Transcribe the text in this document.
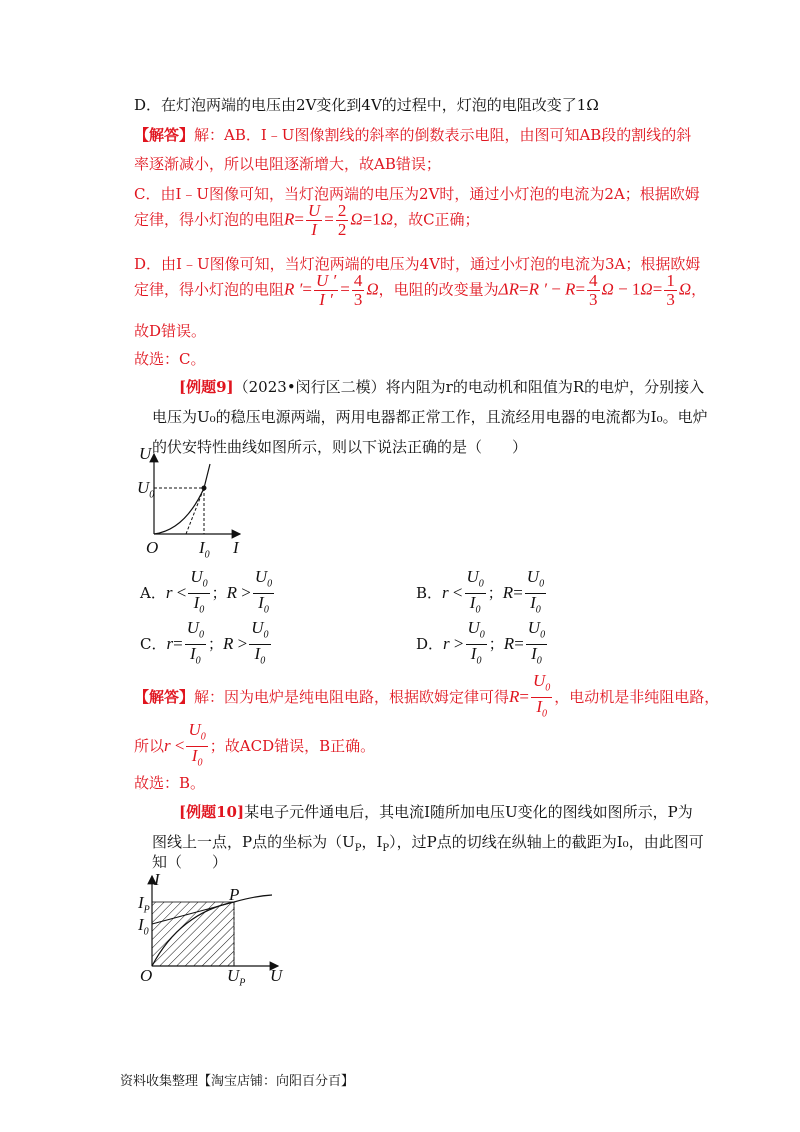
D．在灯泡两端的电压由2V变化到4V的过程中，灯泡的电阻改变了1Ω
【解答】解：AB．I﹣U图像割线的斜率的倒数表示电阻，由图可知AB段的割线的斜
率逐渐减小，所以电阻逐渐增大，故AB错误；
C．由I﹣U图像可知，当灯泡两端的电压为2V时，通过小灯泡的电流为2A；根据欧姆
定律，得小灯泡的电阻$R= \frac{U}{I} = \frac{2}{2} \Omega=1\Omega$，故C正确；
D．由I﹣U图像可知，当灯泡两端的电压为4V时，通过小灯泡的电流为3A；根据欧姆
定律，得小灯泡的电阻R ′= $\frac{U '}{I '} = \frac{4}{3}$ Ω，电阻的改变量为ΔR=R ′ − $R= \frac{4}{3}$ $\Omega - 1\Omega= \frac{1}{3}$ Ω，
故D错误。
故选：C。
[例题9]（2023•闵行区二模）将内阻为r的电动机和阻值为R的电炉，分别接入
电压为U₀的稳压电源两端，两用电器都正常工作，且流经用电器的电流都为I₀。电炉
的伏安特性曲线如图所示，则以下说法正确的是（　　）
U
I
O
$U_0$
$I_0$
A．$r < \frac{U_0}{I_0}$ ；$R > \frac{U_0}{I_0}$	B．$r < \frac{U_0}{I_0}$ ；$R= \frac{U_0}{I_0}$
C．$r= \frac{U_0}{I_0}$ ；$R > \frac{U_0}{I_0}$	D．$r > \frac{U_0}{I_0}$ ；$R= \frac{U_0}{I_0}$
【解答】解：因为电炉是纯电阻电路，根据欧姆定律可得$R= \frac{U_0}{I_0}$ ，电动机是非纯阻电路，
所以$r < \frac{U_0}{I_0}$ ；故ACD错误，B正确。
故选：B。
[例题10]某电子元件通电后，其电流I随所加电压U变化的图线如图所示，P为
图线上一点，P点的坐标为（$U_P$，$I_P$），过P点的切线在纵轴上的截距为I₀，由此图可
知（　　）
I
U
O
P
$I_P$
$I_0$
$U_P$
资料收集整理【淘宝店铺：向阳百分百】
